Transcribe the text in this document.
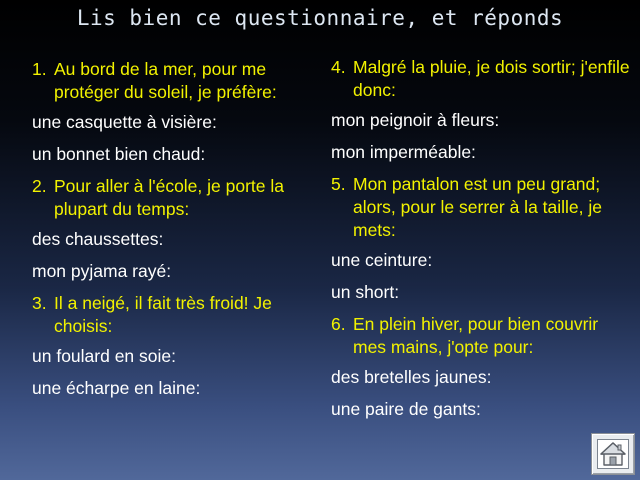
Lis bien ce questionnaire, et réponds
1. Au bord de la mer, pour me protéger du soleil, je préfère:
une casquette à visière:
un bonnet bien chaud:
2. Pour aller à l'école, je porte la plupart du temps:
des chaussettes:
mon pyjama rayé:
3. Il a neigé, il fait très froid! Je choisis:
un foulard en soie:
une écharpe en laine:
4. Malgré la pluie, je dois sortir; j'enfile donc:
mon peignoir à fleurs:
mon imperméable:
5. Mon pantalon est un peu grand; alors, pour le serrer à la taille, je mets:
une ceinture:
un short:
6. En plein hiver, pour bien couvrir mes mains, j'opte pour:
des bretelles jaunes:
une paire de gants:
